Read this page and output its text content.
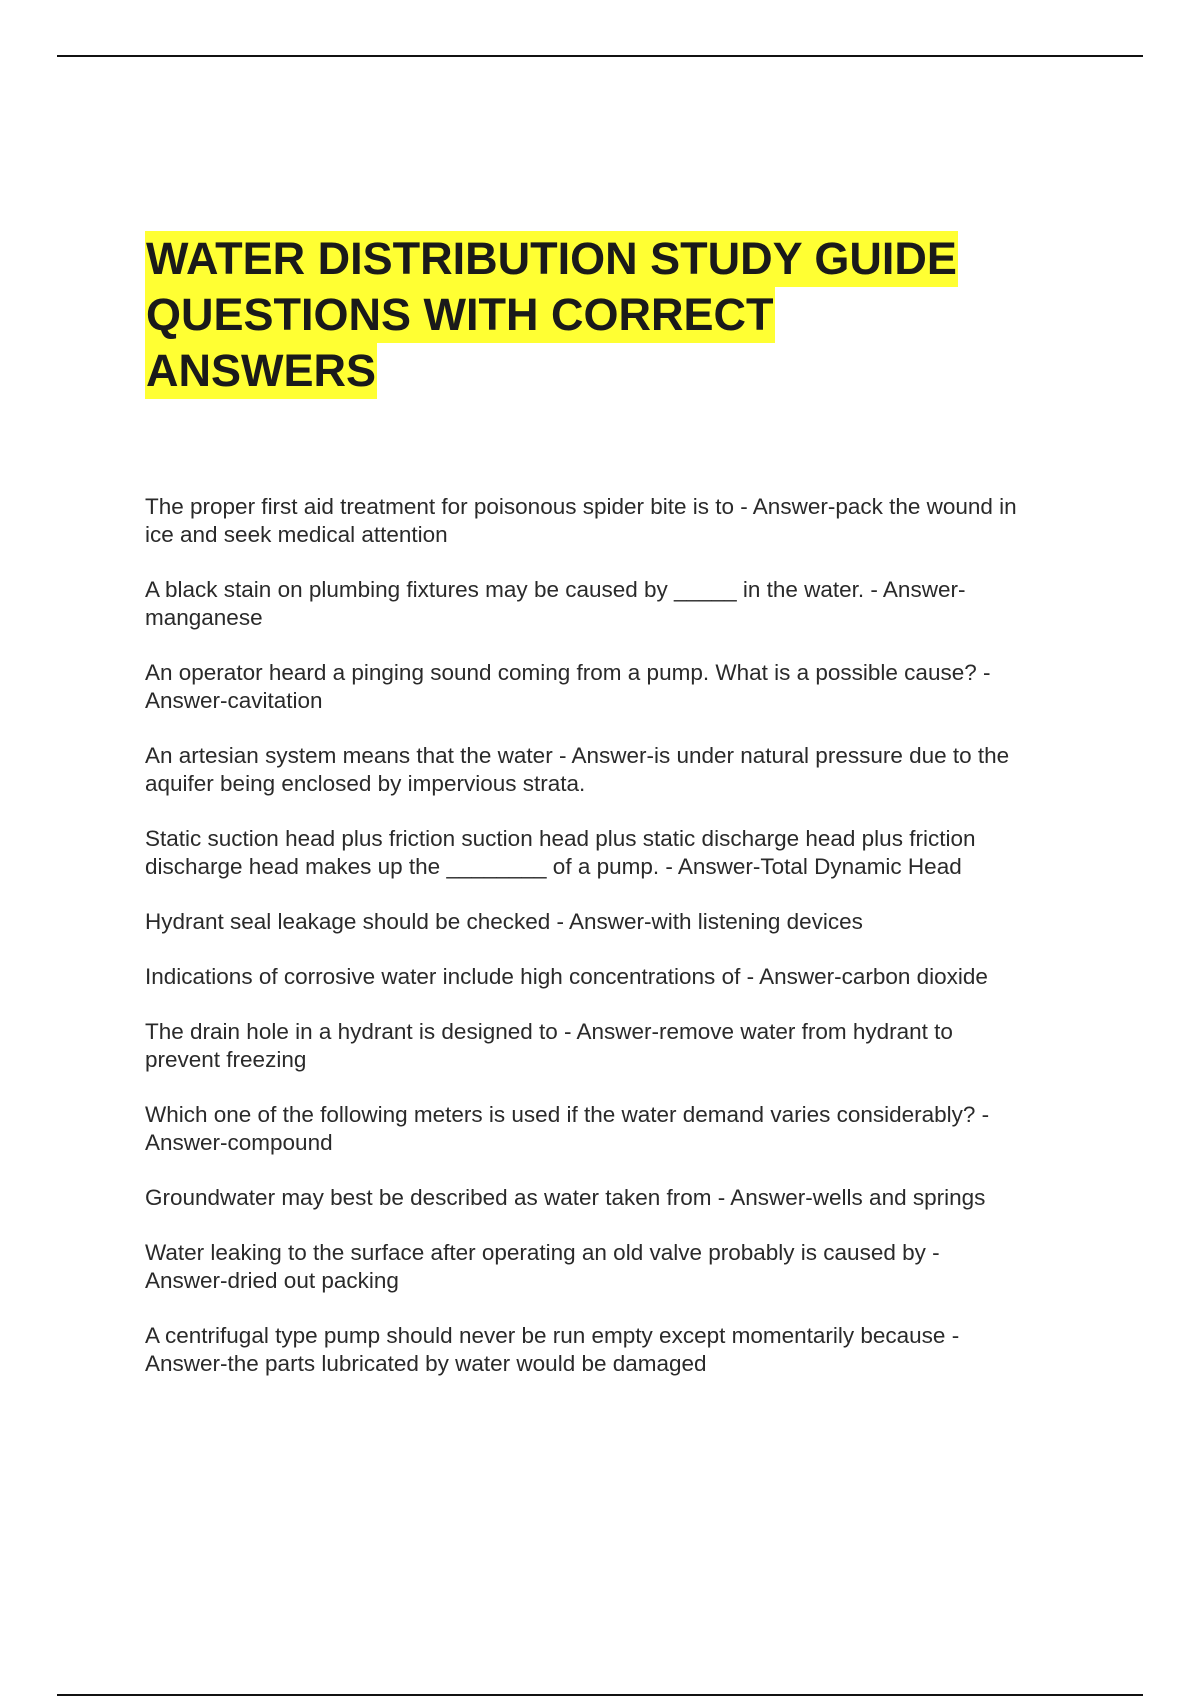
WATER DISTRIBUTION STUDY GUIDE
QUESTIONS WITH CORRECT
ANSWERS

The proper first aid treatment for poisonous spider bite is to - Answer-pack the wound in
ice and seek medical attention

A black stain on plumbing fixtures may be caused by _____ in the water. - Answer-
manganese

An operator heard a pinging sound coming from a pump. What is a possible cause? -
Answer-cavitation

An artesian system means that the water - Answer-is under natural pressure due to the
aquifer being enclosed by impervious strata.

Static suction head plus friction suction head plus static discharge head plus friction
discharge head makes up the ________ of a pump. - Answer-Total Dynamic Head

Hydrant seal leakage should be checked - Answer-with listening devices

Indications of corrosive water include high concentrations of - Answer-carbon dioxide

The drain hole in a hydrant is designed to - Answer-remove water from hydrant to
prevent freezing

Which one of the following meters is used if the water demand varies considerably? -
Answer-compound

Groundwater may best be described as water taken from - Answer-wells and springs

Water leaking to the surface after operating an old valve probably is caused by -
Answer-dried out packing

A centrifugal type pump should never be run empty except momentarily because -
Answer-the parts lubricated by water would be damaged
